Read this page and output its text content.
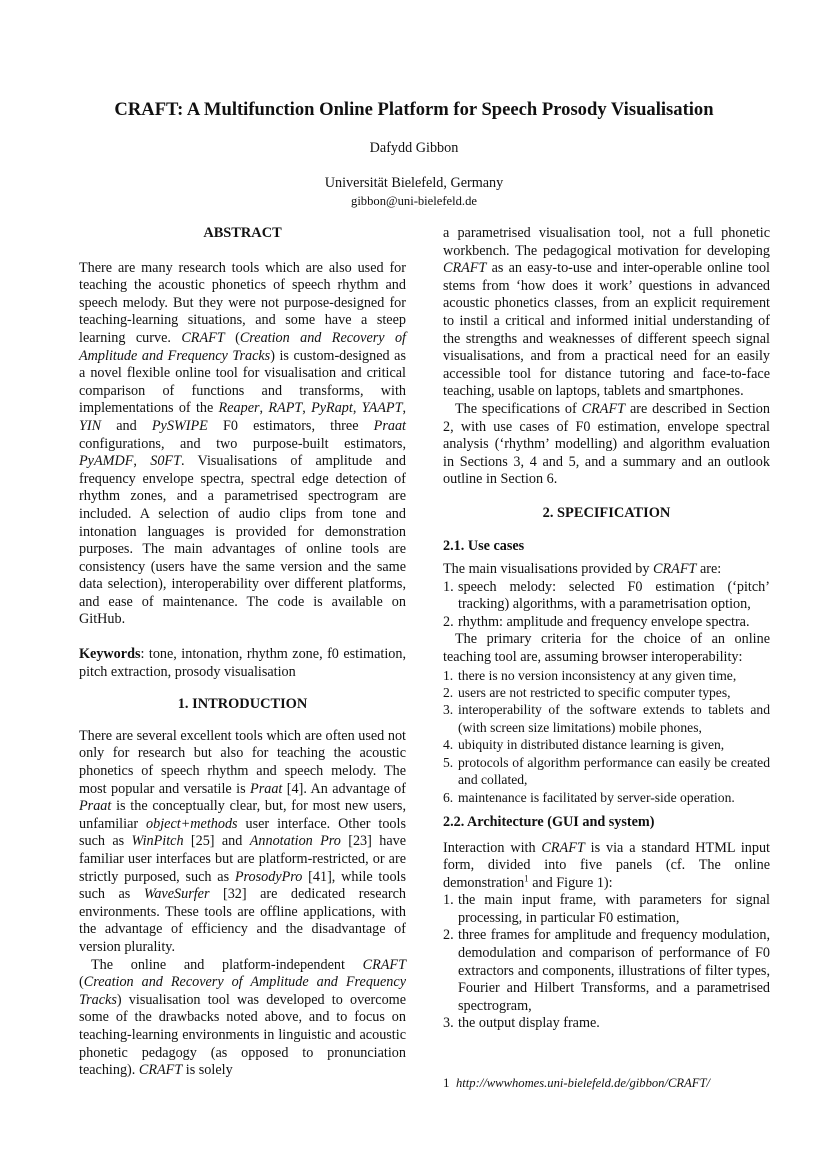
CRAFT: A Multifunction Online Platform for Speech Prosody Visualisation
Dafydd Gibbon
Universität Bielefeld, Germany
gibbon@uni-bielefeld.de
ABSTRACT

There are many research tools which are also used for teaching the acoustic phonetics of speech rhythm and speech melody. But they were not purpose-designed for teaching-learning situations, and some have a steep learning curve. CRAFT (Creation and Recovery of Amplitude and Frequency Tracks) is custom-designed as a novel flexible online tool for visualisation and critical comparison of functions and transforms, with implementations of the Reaper, RAPT, PyRapt, YAAPT, YIN and PySWIPE F0 estimators, three Praat configurations, and two purpose-built estimators, PyAMDF, S0FT. Visualisations of amplitude and frequency envelope spectra, spectral edge detection of rhythm zones, and a parametrised spectrogram are included. A selection of audio clips from tone and intonation languages is provided for demonstration purposes. The main advantages of online tools are consistency (users have the same version and the same data selection), interoperability over different platforms, and ease of maintenance. The code is available on GitHub.

Keywords: tone, intonation, rhythm zone, f0 estimation, pitch extraction, prosody visualisation

1. INTRODUCTION

There are several excellent tools which are often used not only for research but also for teaching the acoustic phonetics of speech rhythm and speech melody. The most popular and versatile is Praat [4]. An advantage of Praat is the conceptually clear, but, for most new users, unfamiliar object+methods user interface. Other tools such as WinPitch [25] and Annotation Pro [23] have familiar user interfaces but are platform-restricted, or are strictly purposed, such as ProsodyPro [41], while tools such as WaveSurfer [32] are dedicated research environments. These tools are offline applications, with the advantage of efficiency and the disadvantage of version plurality.

The online and platform-independent CRAFT (Creation and Recovery of Amplitude and Frequency Tracks) visualisation tool was developed to overcome some of the drawbacks noted above, and to focus on teaching-learning environments in linguistic and acoustic phonetic pedagogy (as opposed to pronunciation teaching). CRAFT is solely

a parametrised visualisation tool, not a full phonetic workbench. The pedagogical motivation for developing CRAFT as an easy-to-use and inter-operable online tool stems from ‘how does it work’ questions in advanced acoustic phonetics classes, from an explicit requirement to instil a critical and informed initial understanding of the strengths and weaknesses of different speech signal visualisations, and from a practical need for an easily accessible tool for distance tutoring and face-to-face teaching, usable on laptops, tablets and smartphones.

The specifications of CRAFT are described in Section 2, with use cases of F0 estimation, envelope spectral analysis (‘rhythm’ modelling) and algorithm evaluation in Sections 3, 4 and 5, and a summary and an outlook outline in Section 6.

2. SPECIFICATION
2.1. Use cases

The main visualisations provided by CRAFT are:

1. speech melody: selected F0 estimation (‘pitch’ tracking) algorithms, with a parametrisation option,
2. rhythm: amplitude and frequency envelope spectra.

The primary criteria for the choice of an online teaching tool are, assuming browser interoperability:

1. there is no version inconsistency at any given time,
2. users are not restricted to specific computer types,
3. interoperability of the software extends to tablets and (with screen size limitations) mobile phones,
4. ubiquity in distributed distance learning is given,
5. protocols of algorithm performance can easily be created and collated,
6. maintenance is facilitated by server-side operation.
2.2. Architecture (GUI and system)

Interaction with CRAFT is via a standard HTML input form, divided into five panels (cf. The online demonstration$^1$ and Figure 1):

1. the main input frame, with parameters for signal processing, in particular F0 estimation,
2. three frames for amplitude and frequency modulation, demodulation and comparison of performance of F0 extractors and components, illustrations of filter types, Fourier and Hilbert Transforms, and a parametrised spectrogram,
3. the output display frame.
1 http://wwwhomes.uni-bielefeld.de/gibbon/CRAFT/
